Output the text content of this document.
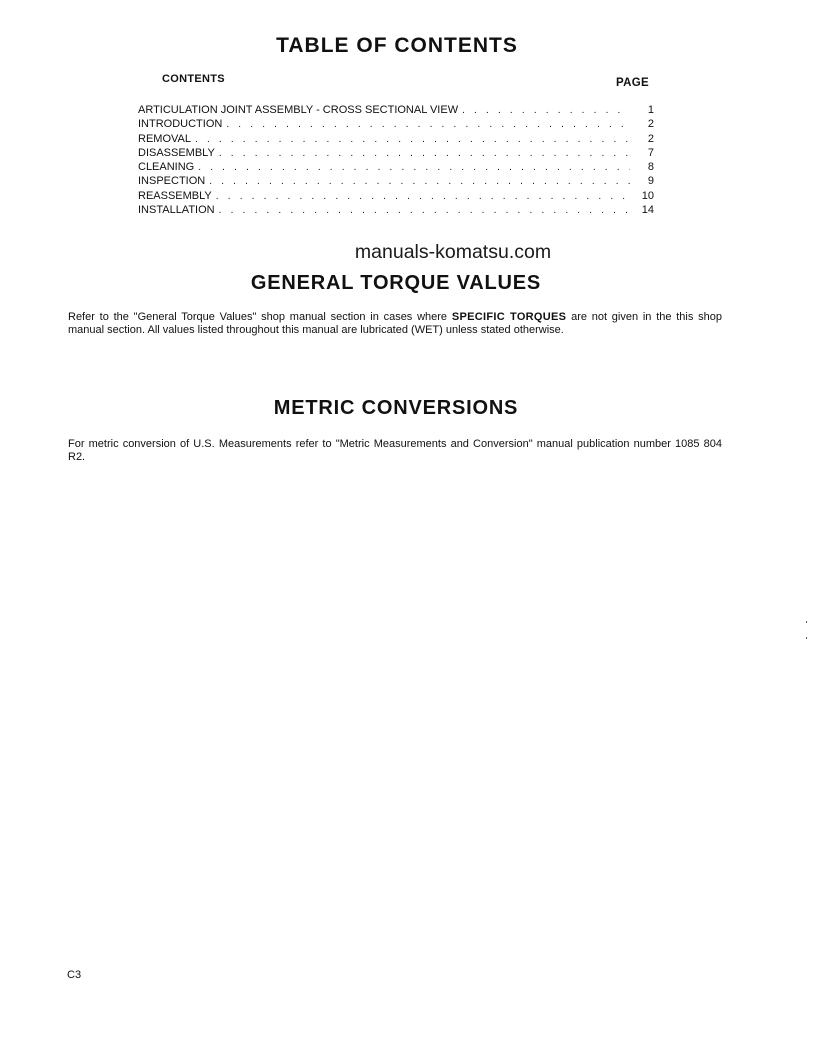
TABLE OF CONTENTS
CONTENTS	PAGE
ARTICULATION JOINT ASSEMBLY - CROSS SECTIONAL VIEW . . .	1
INTRODUCTION . . .	2
REMOVAL . . .	2
DISASSEMBLY . . .	7
CLEANING . . .	8
INSPECTION . . .	9
REASSEMBLY . . .	10
INSTALLATION . . .	14
manuals-komatsu.com
GENERAL TORQUE VALUES

Refer to the "General Torque Values" shop manual section in cases where SPECIFIC TORQUES are not given in the this shop manual section. All values listed throughout this manual are lubricated (WET) unless stated otherwise.

METRIC CONVERSIONS

For metric conversion of U.S. Measurements refer to "Metric Measurements and Conversion" manual publication number 1085 804 R2.

C3
